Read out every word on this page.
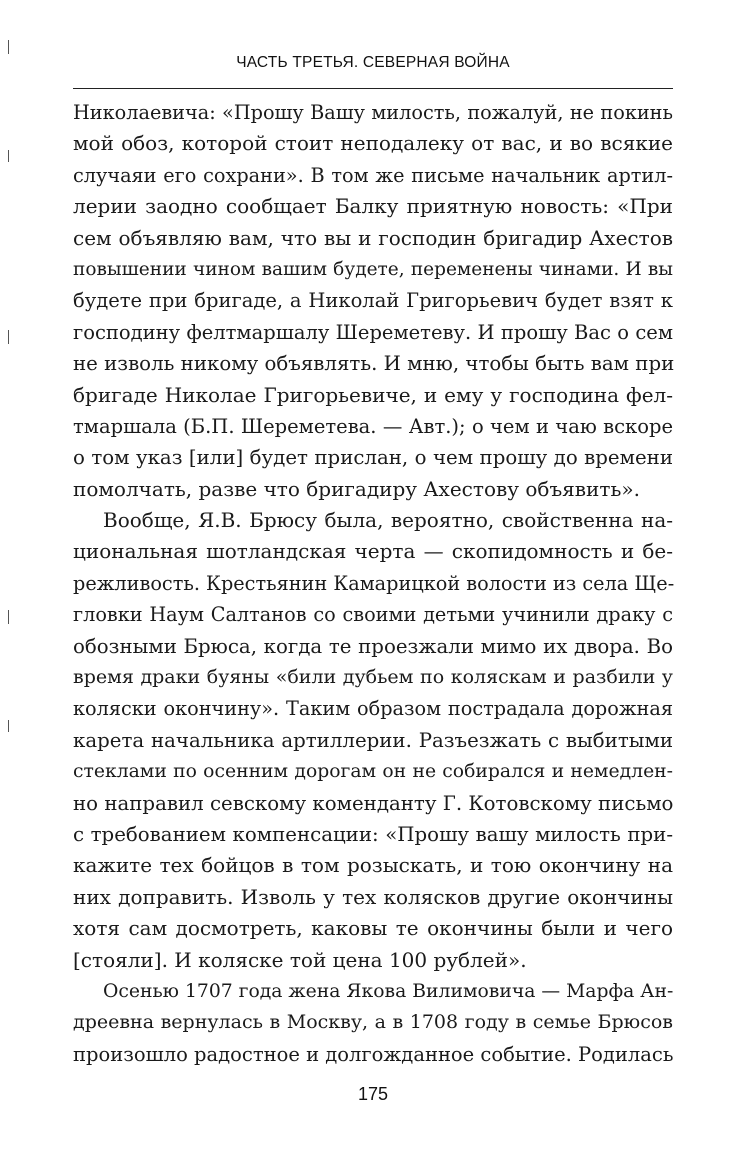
ЧАСТЬ ТРЕТЬЯ. СЕВЕРНАЯ ВОЙНА
Николаевича: «Прошу Вашу милость, пожалуй, не покинь
мой обоз, которой стоит неподалеку от вас, и во всякие
случаяи его сохрани». В том же письме начальник артил-
лерии заодно сообщает Балку приятную новость: «При
сем объявляю вам, что вы и господин бригадир Ахестов
повышении чином вашим будете, переменены чинами. И вы
будете при бригаде, а Николай Григорьевич будет взят к
господину фелтмаршалу Шереметеву. И прошу Вас о сем
не изволь никому объявлять. И мню, чтобы быть вам при
бригаде Николае Григорьевиче, и ему у господина фел-
тмаршала (Б.П. Шереметева. — Авт.); о чем и чаю вскоре
о том указ [или] будет прислан, о чем прошу до времени
помолчать, разве что бригадиру Ахестову объявить».
Вообще, Я.В. Брюсу была, вероятно, свойственна на-
циональная шотландская черта — скопидомность и бе-
режливость. Крестьянин Камарицкой волости из села Ще-
гловки Наум Салтанов со своими детьми учинили драку с
обозными Брюса, когда те проезжали мимо их двора. Во
время драки буяны «били дубьем по коляскам и разбили у
коляски окончину». Таким образом пострадала дорожная
карета начальника артиллерии. Разъезжать с выбитыми
стеклами по осенним дорогам он не собирался и немедлен-
но направил севскому коменданту Г. Котовскому письмо
с требованием компенсации: «Прошу вашу милость при-
кажите тех бойцов в том розыскать, и тою окончину на
них доправить. Изволь у тех колясков другие окончины
хотя сам досмотреть, каковы те окончины были и чего
[стояли]. И коляске той цена 100 рублей».
Осенью 1707 года жена Якова Вилимовича — Марфа Ан-
дреевна вернулась в Москву, а в 1708 году в семье Брюсов
произошло радостное и долгожданное событие. Родилась
175
